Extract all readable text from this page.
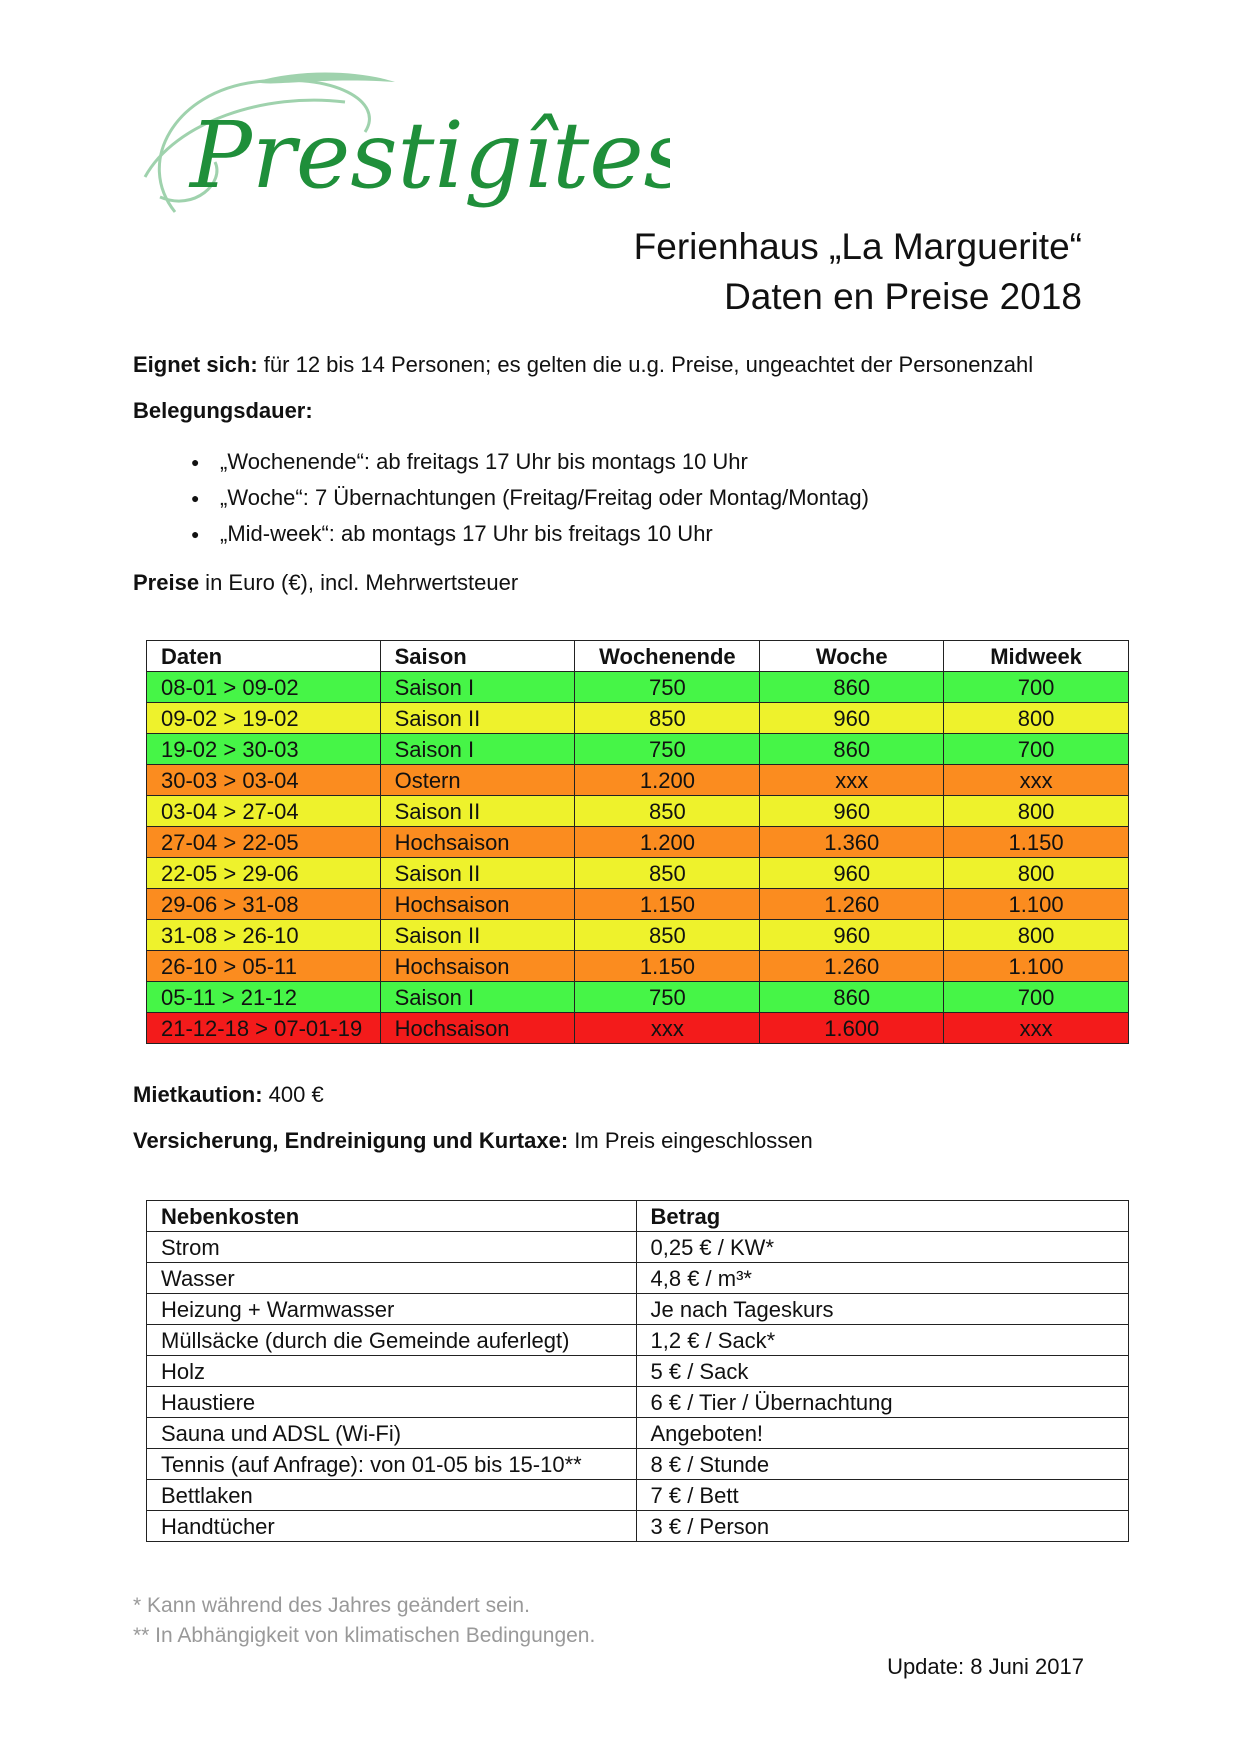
Prestigîtes
Ferienhaus „La Marguerite“
Daten en Preise 2018

Eignet sich: für 12 bis 14 Personen; es gelten die u.g. Preise, ungeachtet der Personenzahl

Belegungsdauer:

● „Wochenende“: ab freitags 17 Uhr bis montags 10 Uhr
● „Woche“: 7 Übernachtungen (Freitag/Freitag oder Montag/Montag)
● „Mid-week“: ab montags 17 Uhr bis freitags 10 Uhr

Preise in Euro (€), incl. Mehrwertsteuer

Daten	Saison	Wochenende	Woche	Midweek
08-01 > 09-02	Saison I	750	860	700
09-02 > 19-02	Saison II	850	960	800
19-02 > 30-03	Saison I	750	860	700
30-03 > 03-04	Ostern	1.200	xxx	xxx
03-04 > 27-04	Saison II	850	960	800
27-04 > 22-05	Hochsaison	1.200	1.360	1.150
22-05 > 29-06	Saison II	850	960	800
29-06 > 31-08	Hochsaison	1.150	1.260	1.100
31-08 > 26-10	Saison II	850	960	800
26-10 > 05-11	Hochsaison	1.150	1.260	1.100
05-11 > 21-12	Saison I	750	860	700
21-12-18 > 07-01-19	Hochsaison	xxx	1.600	xxx

Mietkaution: 400 €

Versicherung, Endreinigung und Kurtaxe: Im Preis eingeschlossen

Nebenkosten	Betrag
Strom	0,25 € / KW*
Wasser	4,8 € / m³*
Heizung + Warmwasser	Je nach Tageskurs
Müllsäcke (durch die Gemeinde auferlegt)	1,2 € / Sack*
Holz	5 € / Sack
Haustiere	6 € / Tier / Übernachtung
Sauna und ADSL (Wi-Fi)	Angeboten!
Tennis (auf Anfrage): von 01-05 bis 15-10**	8 € / Stunde
Bettlaken	7 € / Bett
Handtücher	3 € / Person
* Kann während des Jahres geändert sein.
** In Abhängigkeit von klimatischen Bedingungen.
Update: 8 Juni 2017
